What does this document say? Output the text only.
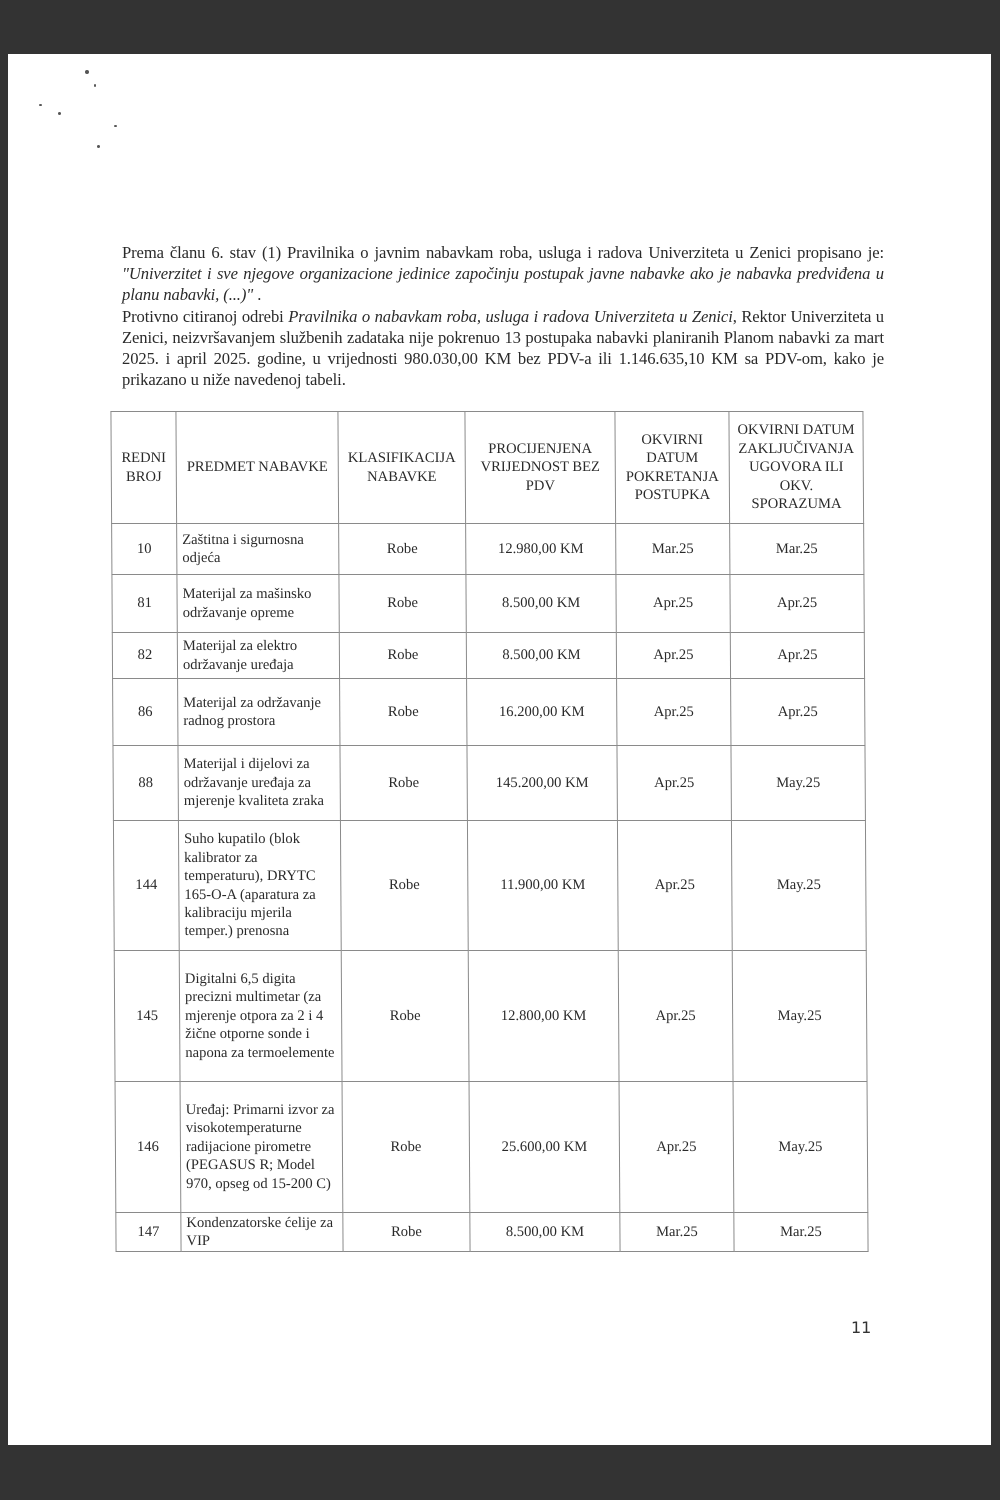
Prema članu 6. stav (1) Pravilnika o javnim nabavkam roba, usluga i radova Univerziteta u Zenici propisano je: "Univerzitet i sve njegove organizacione jedinice započinju postupak javne nabavke ako je nabavka predviđena u planu nabavki, (...)" .

Protivno citiranoj odrebi Pravilnika o nabavkam roba, usluga i radova Univerziteta u Zenici, Rektor Univerziteta u Zenici, neizvršavanjem službenih zadataka nije pokrenuo 13 postupaka nabavki planiranih Planom nabavki za mart 2025. i april 2025. godine, u vrijednosti 980.030,00 KM bez PDV-a ili 1.146.635,10 KM sa PDV-om, kako je prikazano u niže navedenoj tabeli.

REDNI BROJ	PREDMET NABAVKE	KLASIFIKACIJA NABAVKE	PROCIJENJENA VRIJEDNOST BEZ PDV	OKVIRNI DATUM POKRETANJA POSTUPKA	OKVIRNI DATUM ZAKLJUČIVANJA UGOVORA ILI OKV. SPORAZUMA
10	Zaštitna i sigurnosna odjeća	Robe	12.980,00 KM	Mar.25	Mar.25
81	Materijal za mašinsko održavanje opreme	Robe	8.500,00 KM	Apr.25	Apr.25
82	Materijal za elektro održavanje uređaja	Robe	8.500,00 KM	Apr.25	Apr.25
86	Materijal za održavanje radnog prostora	Robe	16.200,00 KM	Apr.25	Apr.25
88	Materijal i dijelovi za održavanje uređaja za mjerenje kvaliteta zraka	Robe	145.200,00 KM	Apr.25	May.25
144	Suho kupatilo (blok kalibrator za temperaturu), DRYTC 165-O-A (aparatura za kalibraciju mjerila temper.) prenosna	Robe	11.900,00 KM	Apr.25	May.25
145	Digitalni 6,5 digita precizni multimetar (za mjerenje otpora za 2 i 4 žične otporne sonde i napona za termoelemente	Robe	12.800,00 KM	Apr.25	May.25
146	Uređaj: Primarni izvor za visokotemperaturne radijacione pirometre (PEGASUS R; Model 970, opseg od 15-200 C)	Robe	25.600,00 KM	Apr.25	May.25
147	Kondenzatorske ćelije za VIP	Robe	8.500,00 KM	Mar.25	Mar.25
11
